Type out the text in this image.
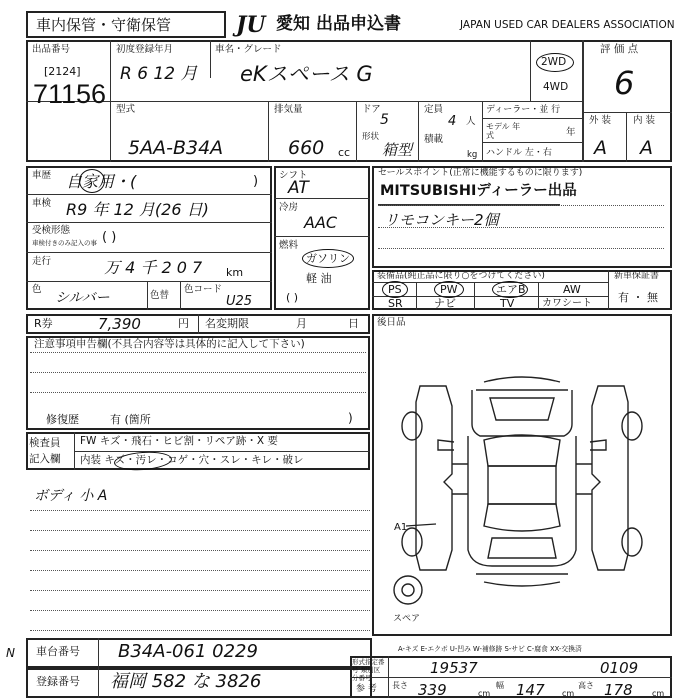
車内保管・守衛保管	JU 愛知 出品申込書	JAPAN USED CAR DEALERS ASSOCIATION
出品番号
[2124]
71156
初度登録年月
R 6 12 月
車名・グレード
eKスペース G	2WD
4WD
評 価 点
6
型式
5AA-B34A
排気量
660 cc
ドア
5
形状
箱型
定員
4 人
積載
kg
ディーラー・並 行
モデル 年式	年
ハンドル 左・右
外 装 内 装
A A
車歴 自家用・(	)
車検 R9 年 12 月(26 日)
受検形態
車検付きのみ記入の事 ( )
走行	万 4 千 2 0 7 km
色
シルバー	色替
色コード
U25
シフト
AT
冷房
AAC
燃料
ガソリン
軽 油
( )
セールスポイント(正常に機能するものに限ります)
MITSUBISHIディーラー出品
リモコンキー2個
装備品(純正品に限り○をつけてください)
PS	PW	エアB	AW
SR	ナビ	TV	カワシート
新車保証書
有 ・ 無
R券	7,390	円 名変期限	月	日
注意事項申告欄(不具合内容等は具体的に記入して下さい)
修復歴	有 (箇所	)
検査員
記入欄
FW キズ・飛石・ヒビ割・リペア跡・X 要
内装 キズ・汚レ・コゲ・穴・スレ・キレ・破レ
ボディ 小 A
後日品
A1
スペア
A-キズ E-エクボ U-凹み W-補修跡 S-サビ C-腐食 XX-交換済
車台番号 B34A-061 0229
登録番号 福岡 582 な 3826
N
形式指定番号 類別区分番号
参 考
19537	0109
長さ 339	cm
幅 147 cm
高さ 178 cm
